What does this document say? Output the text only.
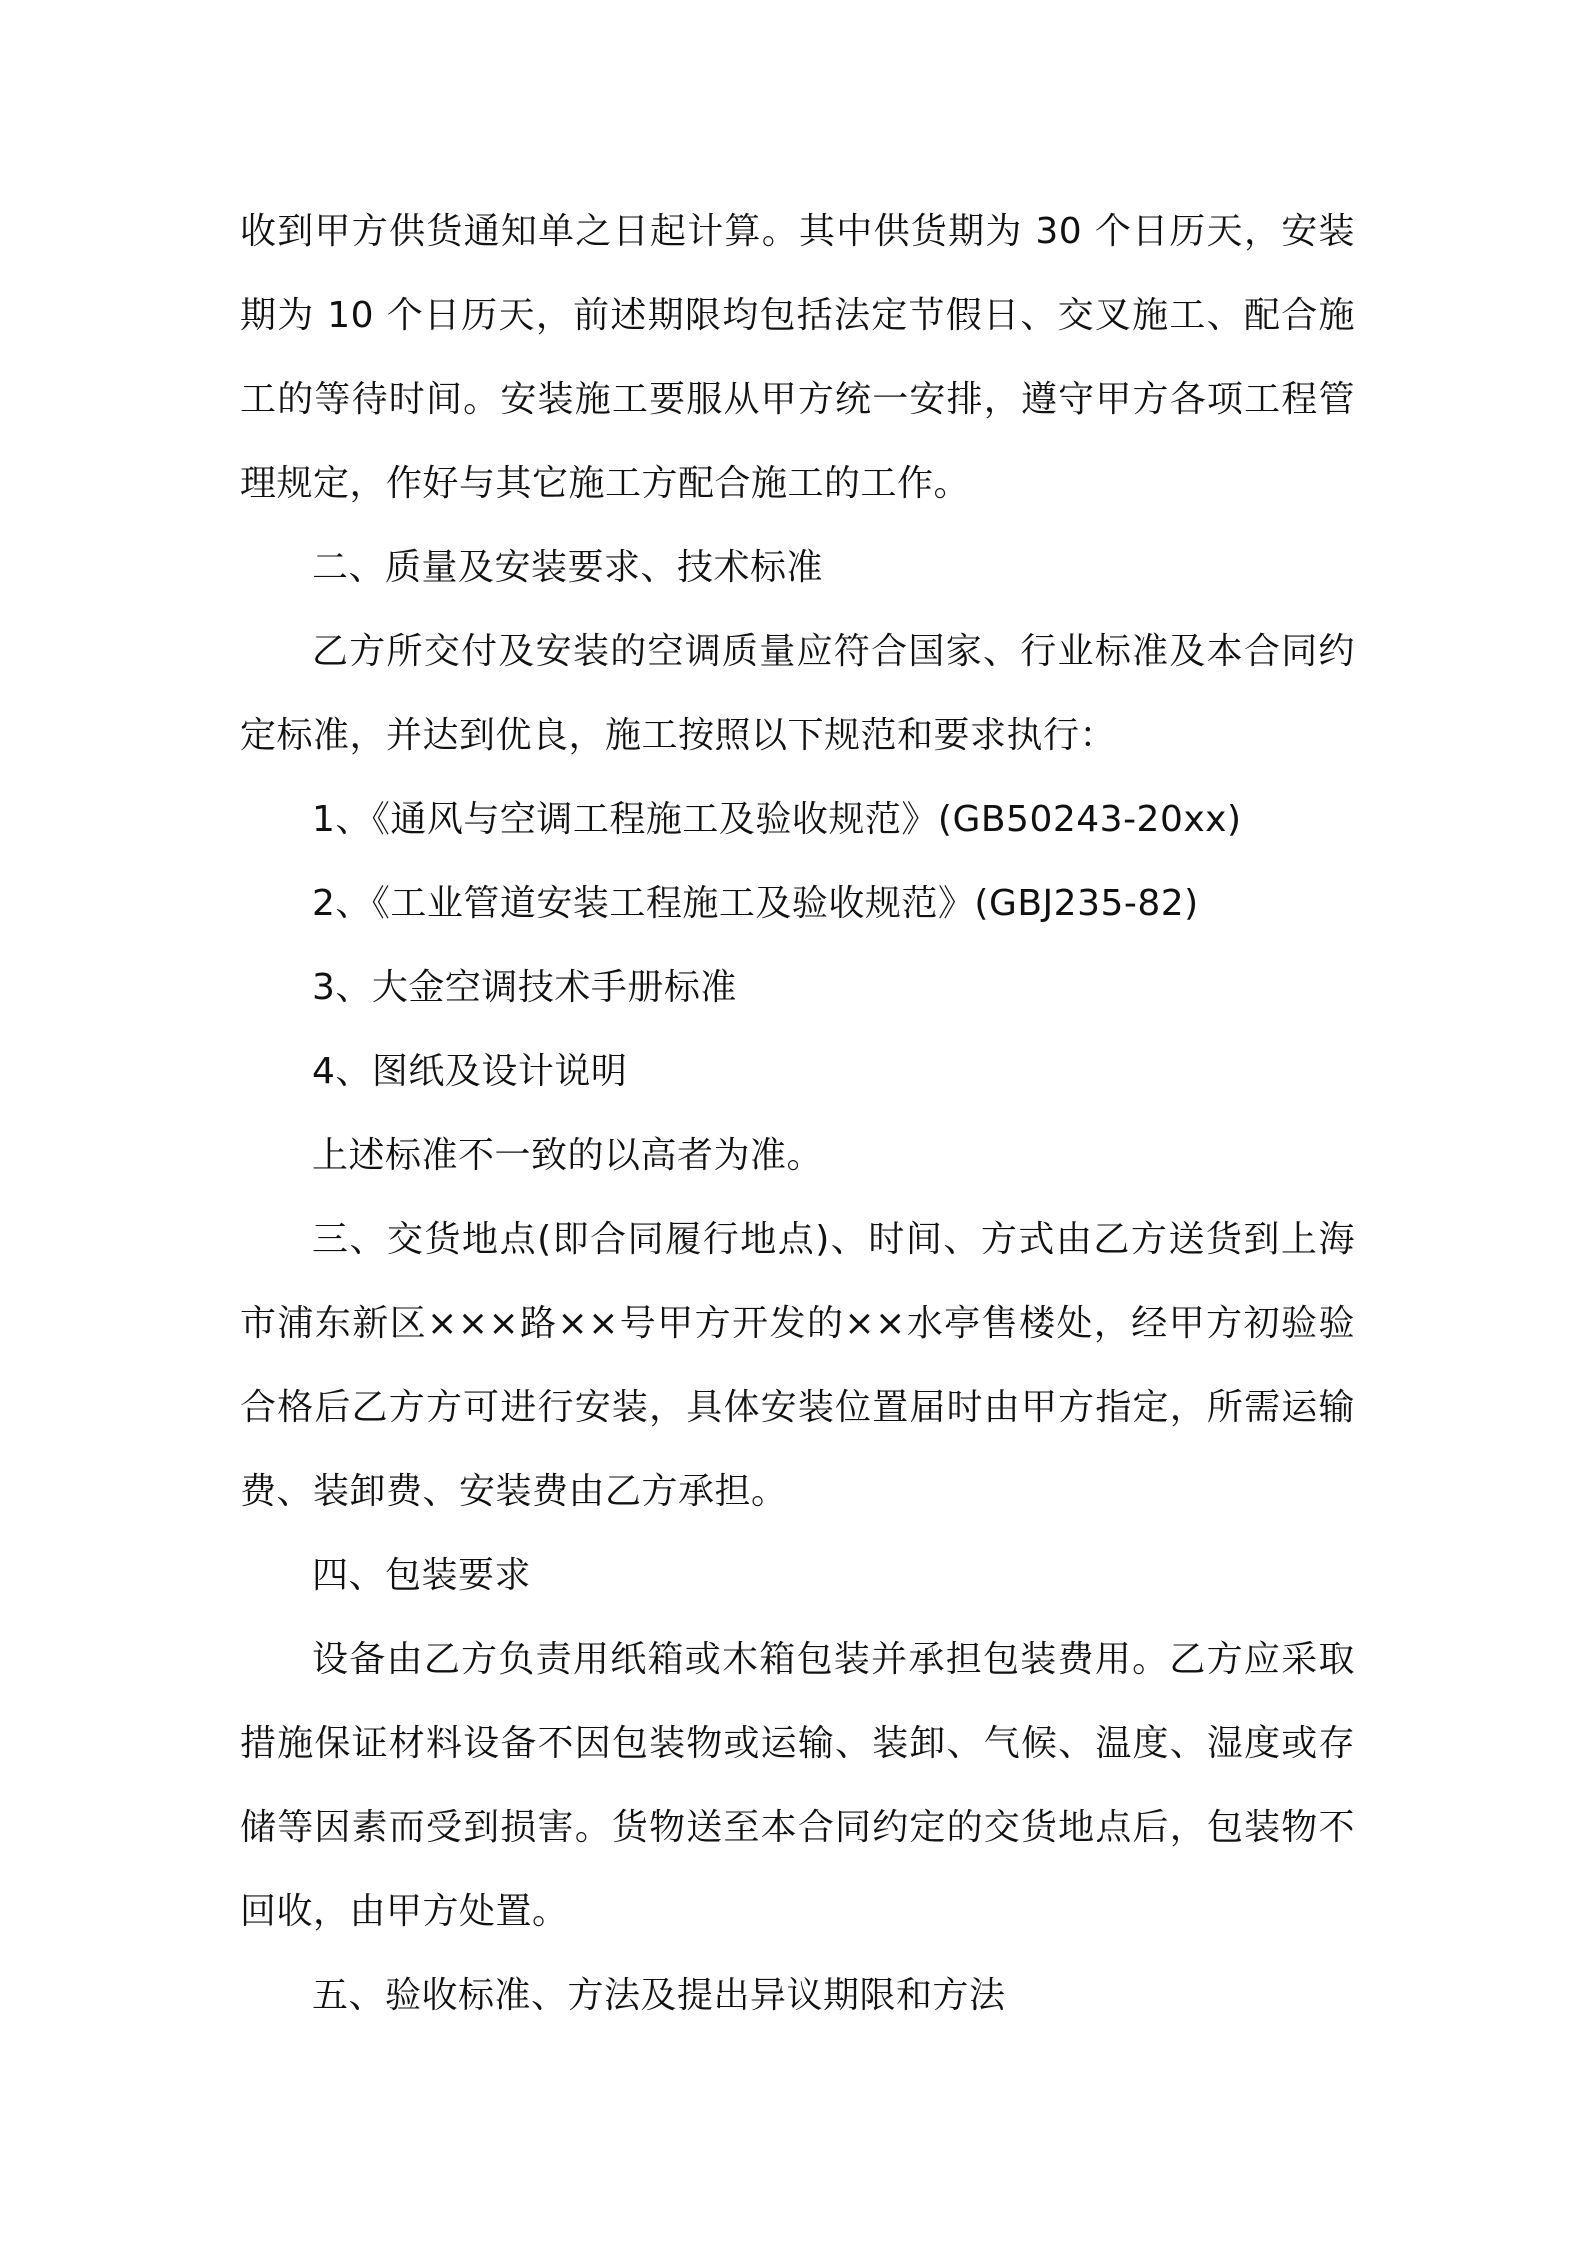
收到甲方供货通知单之日起计算。其中供货期为 30 个日历天，安装期为 10 个日历天，前述期限均包括法定节假日、交叉施工、配合施工的等待时间。安装施工要服从甲方统一安排，遵守甲方各项工程管理规定，作好与其它施工方配合施工的工作。

二、质量及安装要求、技术标准

乙方所交付及安装的空调质量应符合国家、行业标准及本合同约定标准，并达到优良，施工按照以下规范和要求执行：

1、《通风与空调工程施工及验收规范》(GB50243-20xx)

2、《工业管道安装工程施工及验收规范》(GBJ235-82)

3、大金空调技术手册标准

4、图纸及设计说明

上述标准不一致的以高者为准。

三、交货地点(即合同履行地点)、时间、方式由乙方送货到上海市浦东新区×××路××号甲方开发的××水亭售楼处，经甲方初验验合格后乙方方可进行安装，具体安装位置届时由甲方指定，所需运输费、装卸费、安装费由乙方承担。

四、包装要求

设备由乙方负责用纸箱或木箱包装并承担包装费用。乙方应采取措施保证材料设备不因包装物或运输、装卸、气候、温度、湿度或存储等因素而受到损害。货物送至本合同约定的交货地点后，包装物不回收，由甲方处置。

五、验收标准、方法及提出异议期限和方法
